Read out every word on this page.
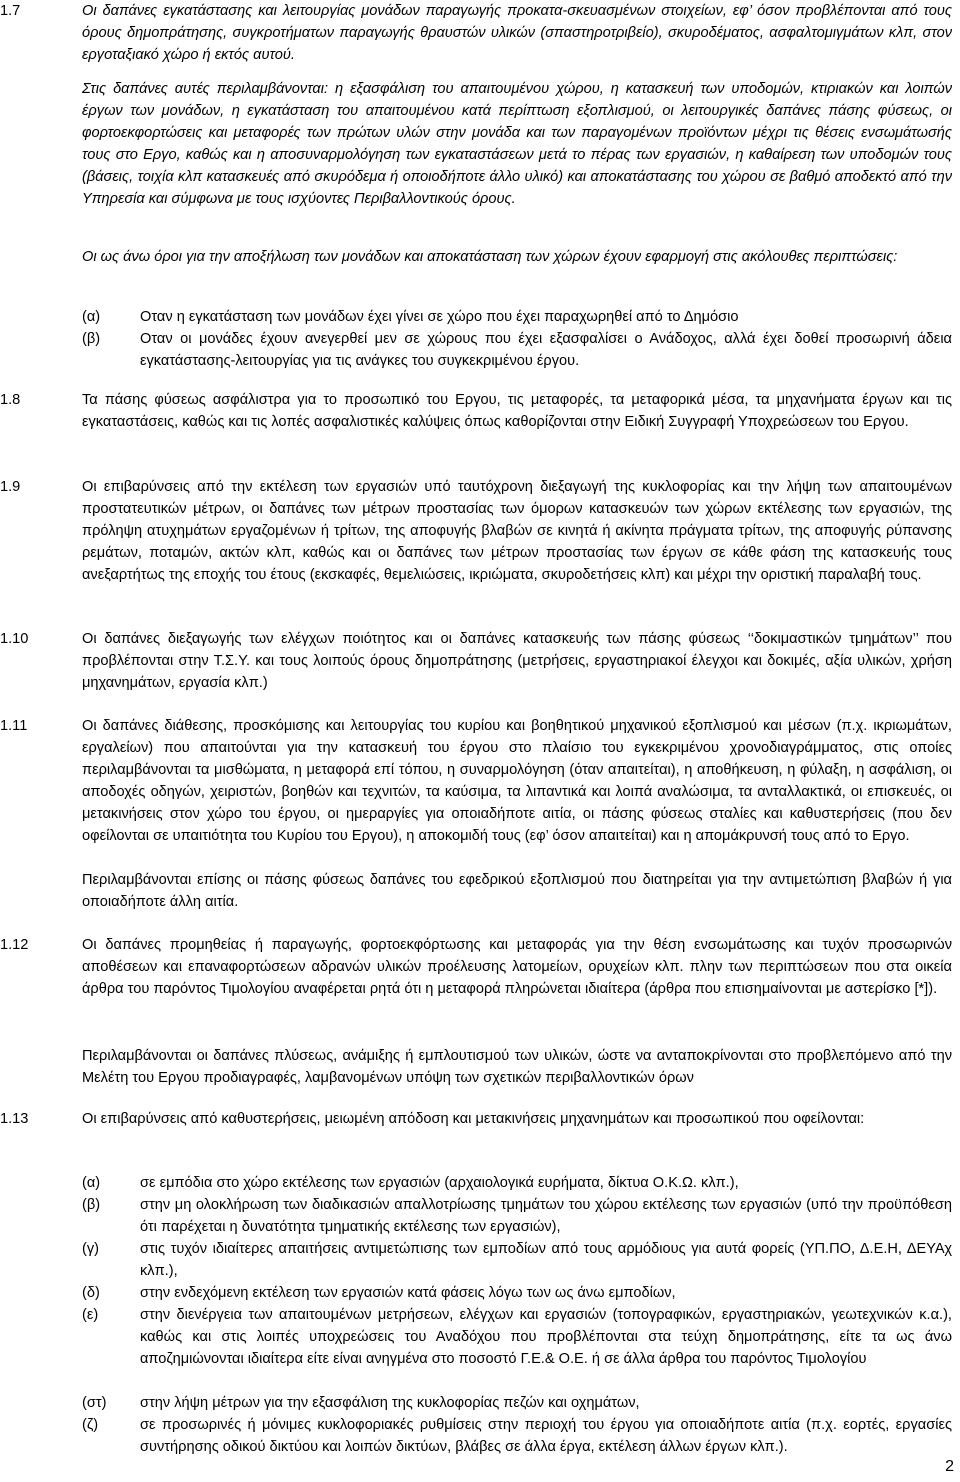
1.7	Οι δαπάνες εγκατάστασης και λειτουργίας μονάδων παραγωγής προκατα-σκευασμένων στοιχείων, εφ’ όσον προβλέπονται από τους όρους δημοπράτησης, συγκροτήματων παραγωγής θραυστών υλικών (σπαστηροτριβείο), σκυροδέματος, ασφαλτομιγμάτων κλπ, στον εργοταξιακό χώρο ή εκτός αυτού.
Στις δαπάνες αυτές περιλαμβάνονται: η εξασφάλιση του απαιτουμένου χώρου, η κατασκευή των υποδομών, κτιριακών και λοιπών έργων των μονάδων, η εγκατάσταση του απαιτουμένου κατά περίπτωση εξοπλισμού, οι λειτουργικές δαπάνες πάσης φύσεως, οι φορτοεκφορτώσεις και μεταφορές των πρώτων υλών στην μονάδα και των παραγομένων προϊόντων μέχρι τις θέσεις ενσωμάτωσής τους στο Εργο, καθώς και η αποσυναρμολόγηση των εγκαταστάσεων μετά το πέρας των εργασιών, η καθαίρεση των υποδομών τους (βάσεις, τοιχία κλπ κατασκευές από σκυρόδεμα ή οποιοδήποτε άλλο υλικό) και αποκατάστασης του χώρου σε βαθμό αποδεκτό από την Υπηρεσία και σύμφωνα με τους ισχύοντες Περιβαλλοντικούς όρους.
Οι ως άνω όροι για την αποξήλωση των μονάδων και αποκατάσταση των χώρων έχουν εφαρμογή στις ακόλουθες περιπτώσεις:
(α)	Οταν η εγκατάσταση των μονάδων έχει γίνει σε χώρο που έχει παραχωρηθεί από το Δημόσιο
(β)	Οταν οι μονάδες έχουν ανεγερθεί μεν σε χώρους που έχει εξασφαλίσει ο Ανάδοχος, αλλά έχει δοθεί προσωρινή άδεια εγκατάστασης-λειτουργίας για τις ανάγκες του συγκεκριμένου έργου.
1.8	Τα πάσης φύσεως ασφάλιστρα για το προσωπικό του Εργου, τις μεταφορές, τα μεταφορικά μέσα, τα μηχανήματα έργων και τις εγκαταστάσεις, καθώς και τις λοπές ασφαλιστικές καλύψεις όπως καθορίζονται στην Ειδική Συγγραφή Υποχρεώσεων του Εργου.
1.9	Οι επιβαρύνσεις από την εκτέλεση των εργασιών υπό ταυτόχρονη διεξαγωγή της κυκλοφορίας και την λήψη των απαιτουμένων προστατευτικών μέτρων, οι δαπάνες των μέτρων προστασίας των όμορων κατασκευών των χώρων εκτέλεσης των εργασιών, της πρόληψη ατυχημάτων εργαζομένων ή τρίτων, της αποφυγής βλαβών σε κινητά ή ακίνητα πράγματα τρίτων, της αποφυγής ρύπανσης ρεμάτων, ποταμών, ακτών κλπ, καθώς και οι δαπάνες των μέτρων προστασίας των έργων σε κάθε φάση της κατασκευής τους ανεξαρτήτως της εποχής του έτους (εκσκαφές, θεμελιώσεις, ικριώματα, σκυροδετήσεις κλπ) και μέχρι την οριστική παραλαβή τους.
1.10	Οι δαπάνες διεξαγωγής των ελέγχων ποιότητος και οι δαπάνες κατασκευής των πάσης φύσεως ‘‘δοκιμαστικών τμημάτων’’ που προβλέπονται στην Τ.Σ.Υ. και τους λοιπούς όρους δημοπράτησης (μετρήσεις, εργαστηριακοί έλεγχοι και δοκιμές, αξία υλικών, χρήση μηχανημάτων, εργασία κλπ.)
1.11	Οι δαπάνες διάθεσης, προσκόμισης και λειτουργίας του κυρίου και βοηθητικού μηχανικού εξοπλισμού και μέσων (π.χ. ικριωμάτων, εργαλείων) που απαιτούνται για την κατασκευή του έργου στο πλαίσιο του εγκεκριμένου χρονοδιαγράμματος, στις οποίες περιλαμβάνονται τα μισθώματα, η μεταφορά επί τόπου, η συναρμολόγηση (όταν απαιτείται), η αποθήκευση, η φύλαξη, η ασφάλιση, οι αποδοχές οδηγών, χειριστών, βοηθών και τεχνιτών, τα καύσιμα, τα λιπαντικά και λοιπά αναλώσιμα, τα ανταλλακτικά, οι επισκευές, οι μετακινήσεις στον χώρο του έργου, οι ημεραργίες για οποιαδήποτε αιτία, οι πάσης φύσεως σταλίες και καθυστερήσεις (που δεν οφείλονται σε υπαιτιότητα του Κυρίου του Εργου), η αποκομιδή τους (εφ’ όσον απαιτείται) και η απομάκρυνσή τους από το Εργο.
Περιλαμβάνονται επίσης οι πάσης φύσεως δαπάνες του εφεδρικού εξοπλισμού που διατηρείται για την αντιμετώπιση βλαβών ή για οποιαδήποτε άλλη αιτία.
1.12	Οι δαπάνες προμηθείας ή παραγωγής, φορτοεκφόρτωσης και μεταφοράς για την θέση ενσωμάτωσης και τυχόν προσωρινών αποθέσεων και επαναφορτώσεων αδρανών υλικών προέλευσης λατομείων, ορυχείων κλπ. πλην των περιπτώσεων που στα οικεία άρθρα του παρόντος Τιμολογίου αναφέρεται ρητά ότι η μεταφορά πληρώνεται ιδιαίτερα (άρθρα που επισημαίνονται με αστερίσκο [*]).
Περιλαμβάνονται οι δαπάνες πλύσεως, ανάμιξης ή εμπλουτισμού των υλικών, ώστε να ανταποκρίνονται στο προβλεπόμενο από την Μελέτη του Εργου προδιαγραφές, λαμβανομένων υπόψη των σχετικών περιβαλλοντικών όρων
1.13	Οι επιβαρύνσεις από καθυστερήσεις, μειωμένη απόδοση και μετακινήσεις μηχανημάτων και προσωπικού που οφείλονται:
(α)	σε εμπόδια στο χώρο εκτέλεσης των εργασιών (αρχαιολογικά ευρήματα, δίκτυα Ο.Κ.Ω. κλπ.),
(β)	στην μη ολοκλήρωση των διαδικασιών απαλλοτρίωσης τμημάτων του χώρου εκτέλεσης των εργασιών (υπό την προϋπόθεση ότι παρέχεται η δυνατότητα τμηματικής εκτέλεσης των εργασιών),
(γ)	στις τυχόν ιδιαίτερες απαιτήσεις αντιμετώπισης των εμποδίων από τους αρμόδιους για αυτά φορείς (ΥΠ.ΠΟ, Δ.Ε.Η, ΔΕΥΑχ κλπ.),
(δ)	στην ενδεχόμενη εκτέλεση των εργασιών κατά φάσεις λόγω των ως άνω εμποδίων,
(ε)	στην διενέργεια των απαιτουμένων μετρήσεων, ελέγχων και εργασιών (τοπογραφικών, εργαστηριακών, γεωτεχνικών κ.α.), καθώς και στις λοιπές υποχρεώσεις του Αναδόχου που προβλέπονται στα τεύχη δημοπράτησης, είτε τα ως άνω αποζημιώνονται ιδιαίτερα είτε είναι ανηγμένα στο ποσοστό Γ.Ε.& Ο.Ε. ή σε άλλα άρθρα του παρόντος Τιμολογίου
(στ) στην λήψη μέτρων για την εξασφάλιση της κυκλοφορίας πεζών και οχημάτων,
(ζ)	σε προσωρινές ή μόνιμες κυκλοφοριακές ρυθμίσεις στην περιοχή του έργου για οποιαδήποτε αιτία (π.χ. εορτές, εργασίες συντήρησης οδικού δικτύου και λοιπών δικτύων, βλάβες σε άλλα έργα, εκτέλεση άλλων έργων κλπ.).
2
